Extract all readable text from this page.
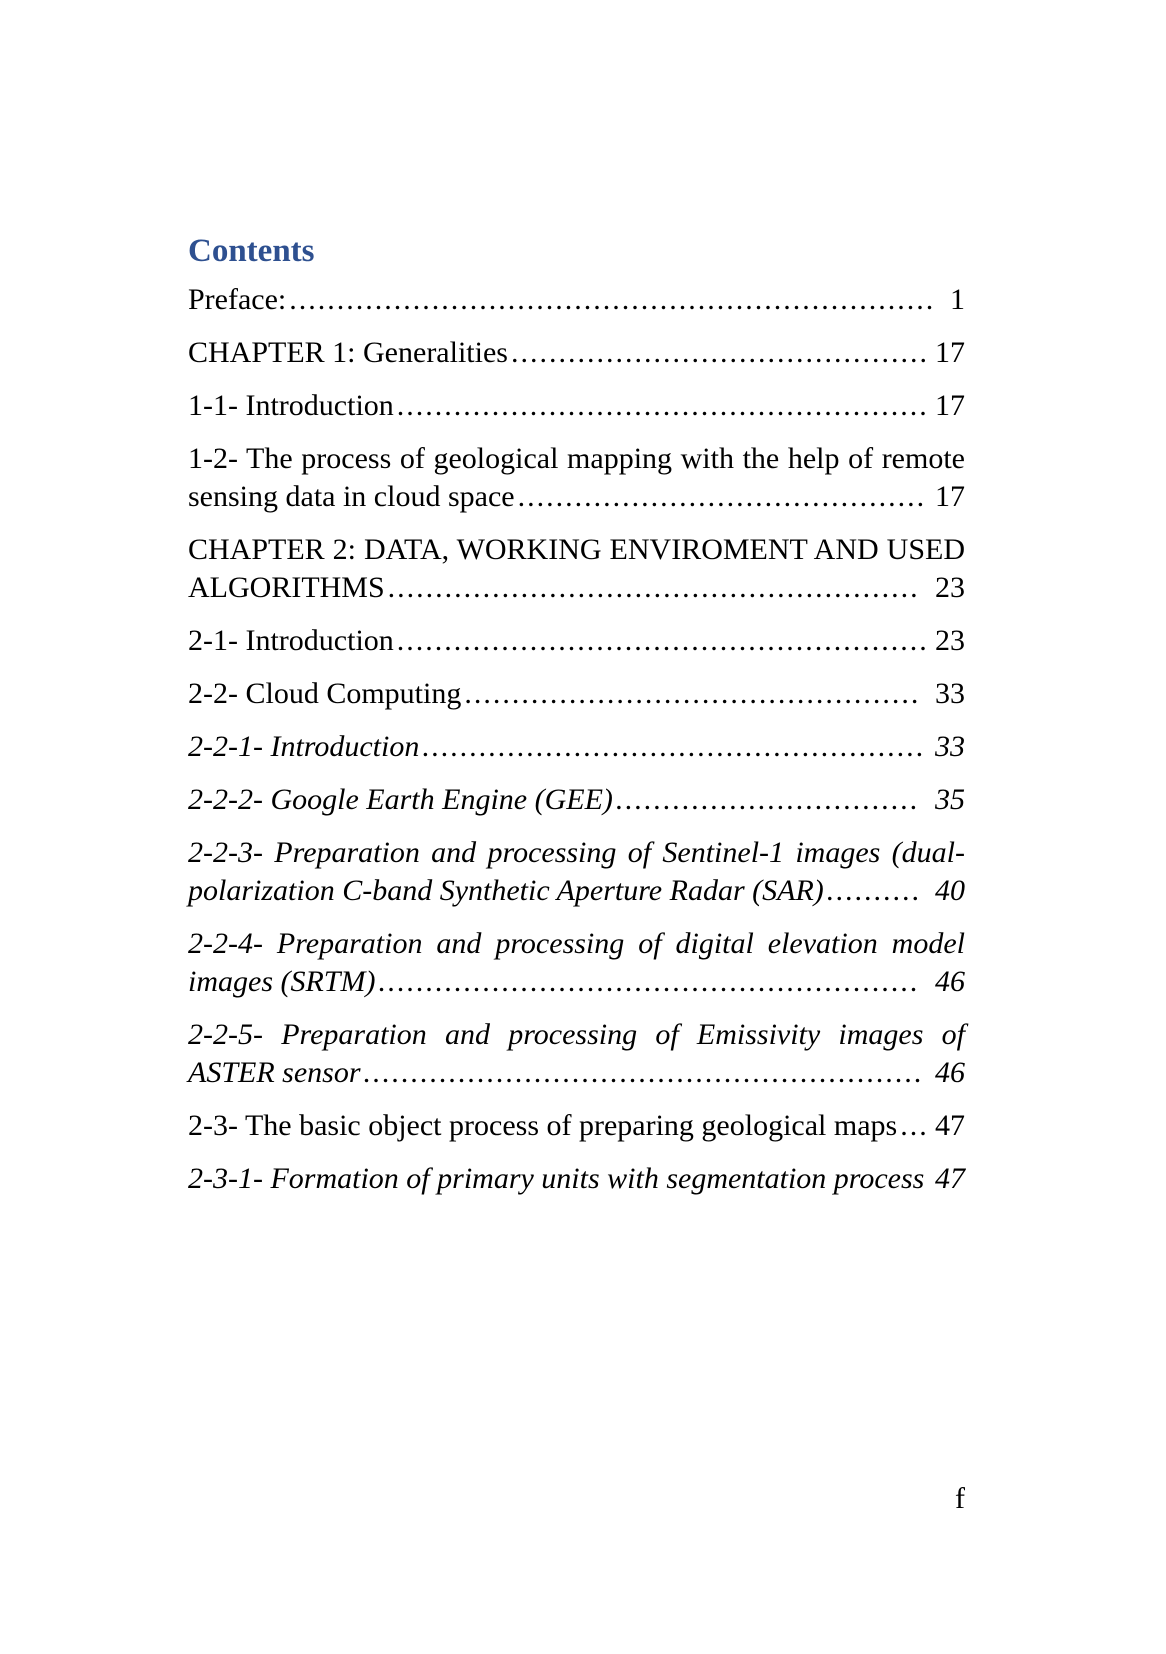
Contents

Preface: .................................................................... 1

CHAPTER 1: Generalities ............................................ 17

1-1- Introduction ........................................................ 17

1-2- The process of geological mapping with the help of remote sensing data in cloud space ........................................... 17

CHAPTER 2: DATA, WORKING ENVIROMENT AND USED ALGORITHMS ........................................................ 23

2-1- Introduction ........................................................ 23

2-2- Cloud Computing ................................................ 33

2-2-1- Introduction ..................................................... 33

2-2-2- Google Earth Engine (GEE) ................................ 35

2-2-3- Preparation and processing of Sentinel-1 images (dual-polarization C-band Synthetic Aperture Radar (SAR) .......... 40

2-2-4- Preparation and processing of digital elevation model images (SRTM) ......................................................... 46

2-2-5- Preparation and processing of Emissivity images of ASTER sensor ........................................................... 46

2-3- The basic object process of preparing geological maps ... 47

2-3-1- Formation of primary units with segmentation process 47

f
